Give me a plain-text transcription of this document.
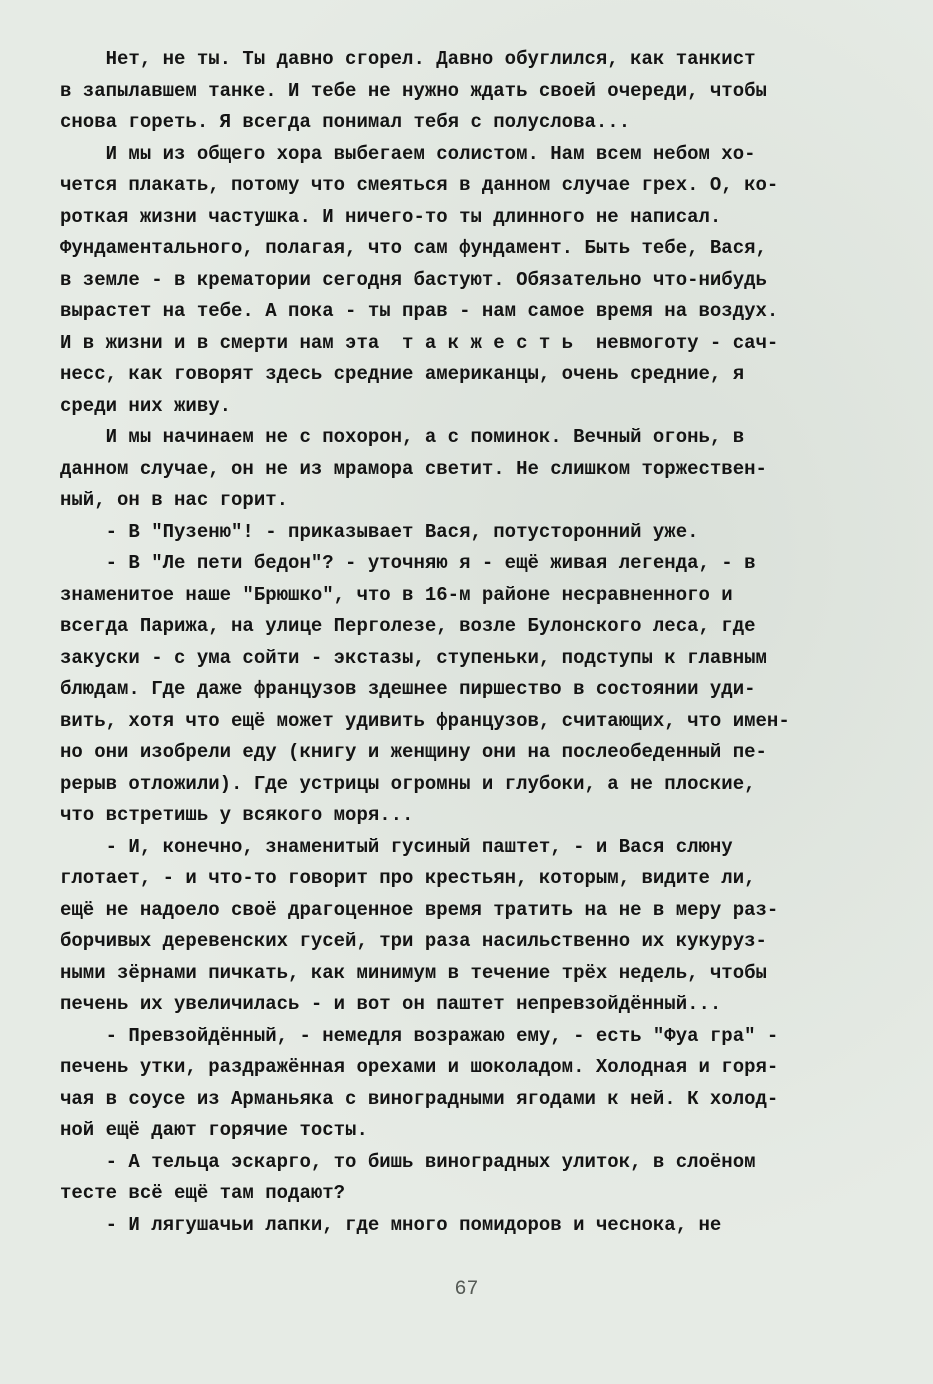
Нет, не ты. Ты давно сгорел. Давно обуглился, как танкист
в запылавшем танке. И тебе не нужно ждать своей очереди, чтобы
снова гореть. Я всегда понимал тебя с полуслова...
И мы из общего хора выбегаем солистом. Нам всем небом хо-
чется плакать, потому что смеяться в данном случае грех. О, ко-
роткая жизни частушка. И ничего-то ты длинного не написал.
Фундаментального, полагая, что сам фундамент. Быть тебе, Вася,
в земле - в крематории сегодня бастуют. Обязательно что-нибудь
вырастет на тебе. А пока - ты прав - нам самое время на воздух.
И в жизни и в смерти нам эта  т а к ж е с т ь  невмоготу - сач-
несс, как говорят здесь средние американцы, очень средние, я
среди них живу.
И мы начинаем не с похорон, а с поминок. Вечный огонь, в
данном случае, он не из мрамора светит. Не слишком торжествен-
ный, он в нас горит.
- В "Пузеню"! - приказывает Вася, потусторонний уже.
- В "Ле пети бедон"? - уточняю я - ещё живая легенда, - в
знаменитое наше "Брюшко", что в 16-м районе несравненного и
всегда Парижа, на улице Перголезе, возле Булонского леса, где
закуски - с ума сойти - экстазы, ступеньки, подступы к главным
блюдам. Где даже французов здешнее пиршество в состоянии уди-
вить, хотя что ещё может удивить французов, считающих, что имен-
но они изобрели еду (книгу и женщину они на послеобеденный пе-
рерыв отложили). Где устрицы огромны и глубоки, а не плоские,
что встретишь у всякого моря...
- И, конечно, знаменитый гусиный паштет, - и Вася слюну
глотает, - и что-то говорит про крестьян, которым, видите ли,
ещё не надоело своё драгоценное время тратить на не в меру раз-
борчивых деревенских гусей, три раза насильственно их кукуруз-
ными зёрнами пичкать, как минимум в течение трёх недель, чтобы
печень их увеличилась - и вот он паштет непревзойдённый...
- Превзойдённый, - немедля возражаю ему, - есть "Фуа гра" -
печень утки, раздражённая орехами и шоколадом. Холодная и горя-
чая в соусе из Арманьяка с виноградными ягодами к ней. К холод-
ной ещё дают горячие тосты.
- А тельца эскарго, то бишь виноградных улиток, в слоёном
тесте всё ещё там подают?
- И лягушачьи лапки, где много помидоров и чеснока, не
67
